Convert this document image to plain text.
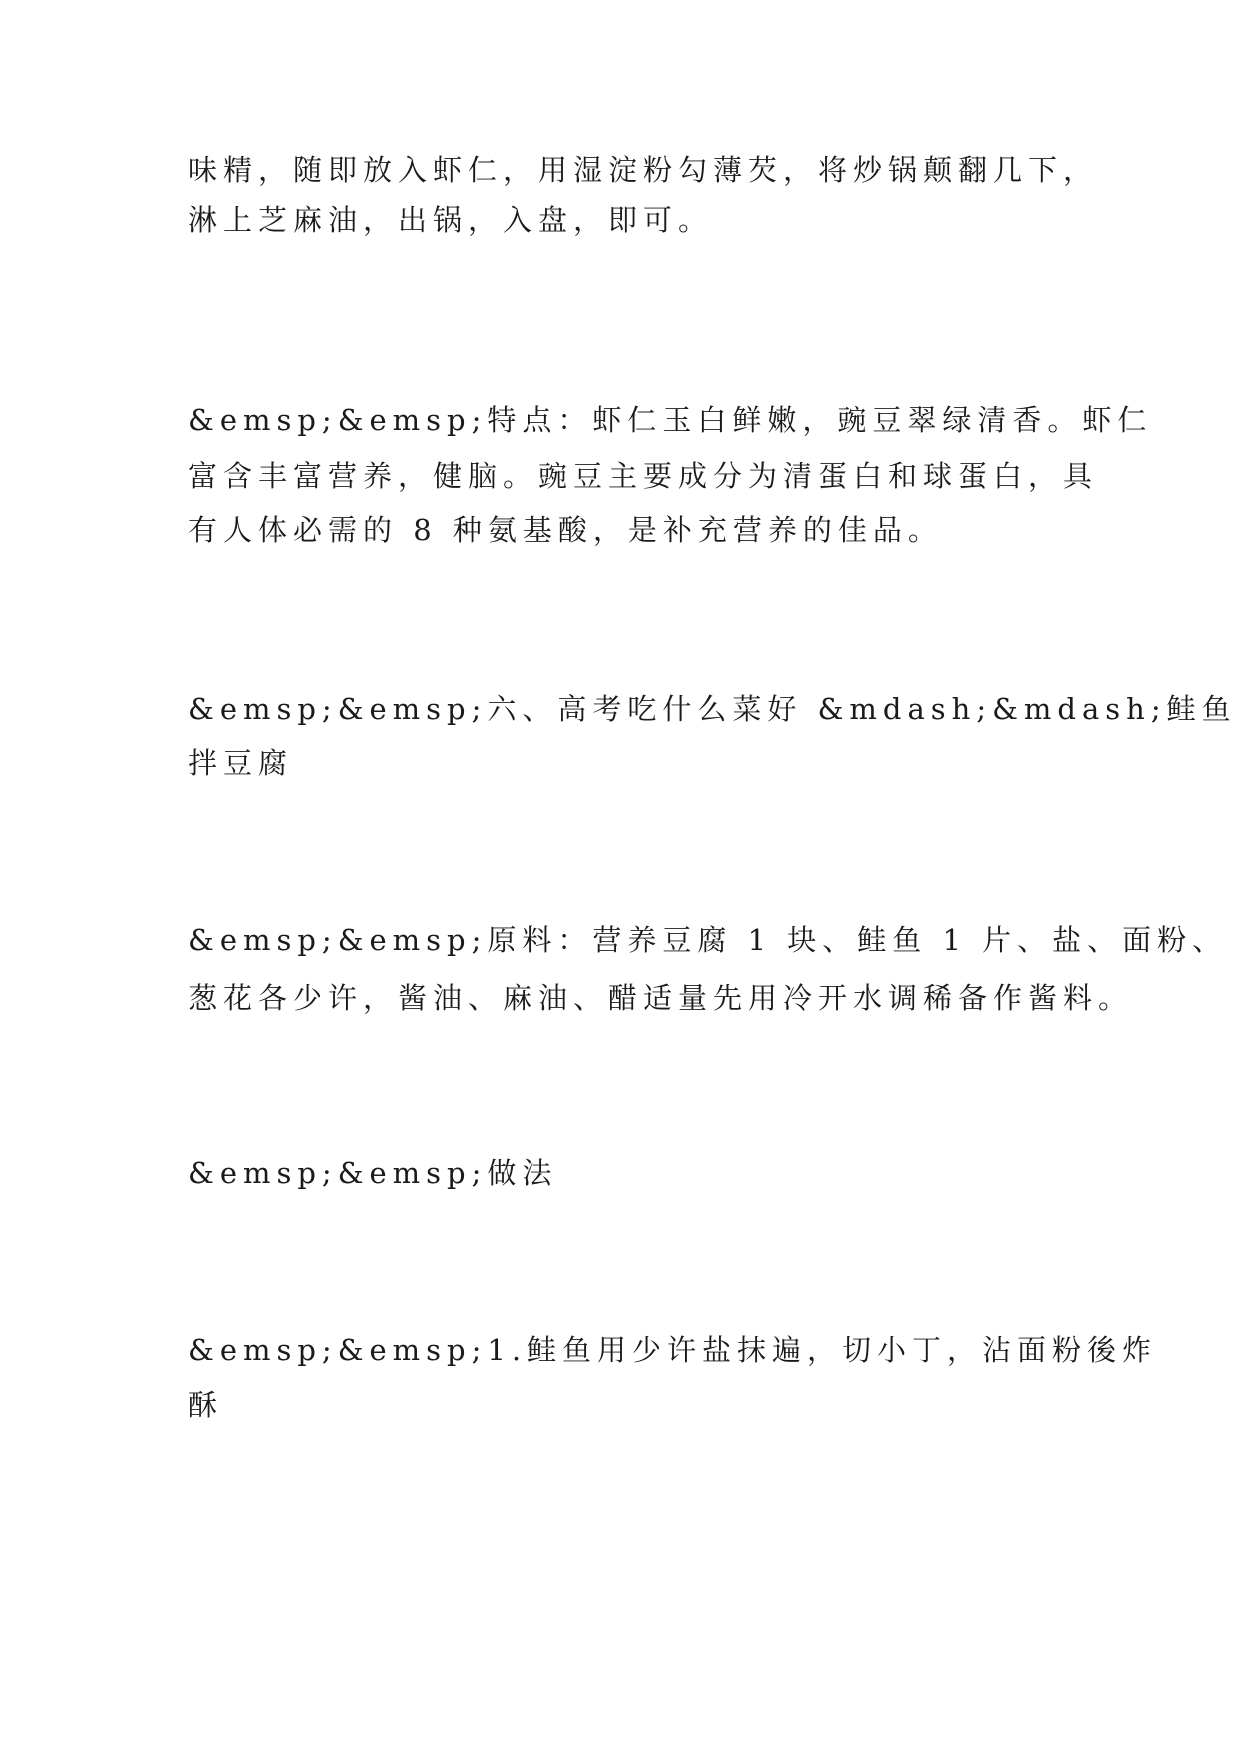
味精，随即放入虾仁，用湿淀粉勾薄芡，将炒锅颠翻几下，

淋上芝麻油，出锅，入盘，即可。

&emsp;&emsp;特点：虾仁玉白鲜嫩，豌豆翠绿清香。虾仁

富含丰富营养，健脑。豌豆主要成分为清蛋白和球蛋白，具

有人体必需的 8 种氨基酸，是补充营养的佳品。

&emsp;&emsp;六、高考吃什么菜好 &mdash;&mdash;鲑鱼

拌豆腐

&emsp;&emsp;原料：营养豆腐 1 块、鲑鱼 1 片、盐、面粉、

葱花各少许，酱油、麻油、醋适量先用冷开水调稀备作酱料。

&emsp;&emsp;做法

&emsp;&emsp;1.鲑鱼用少许盐抹遍，切小丁，沾面粉後炸

酥
